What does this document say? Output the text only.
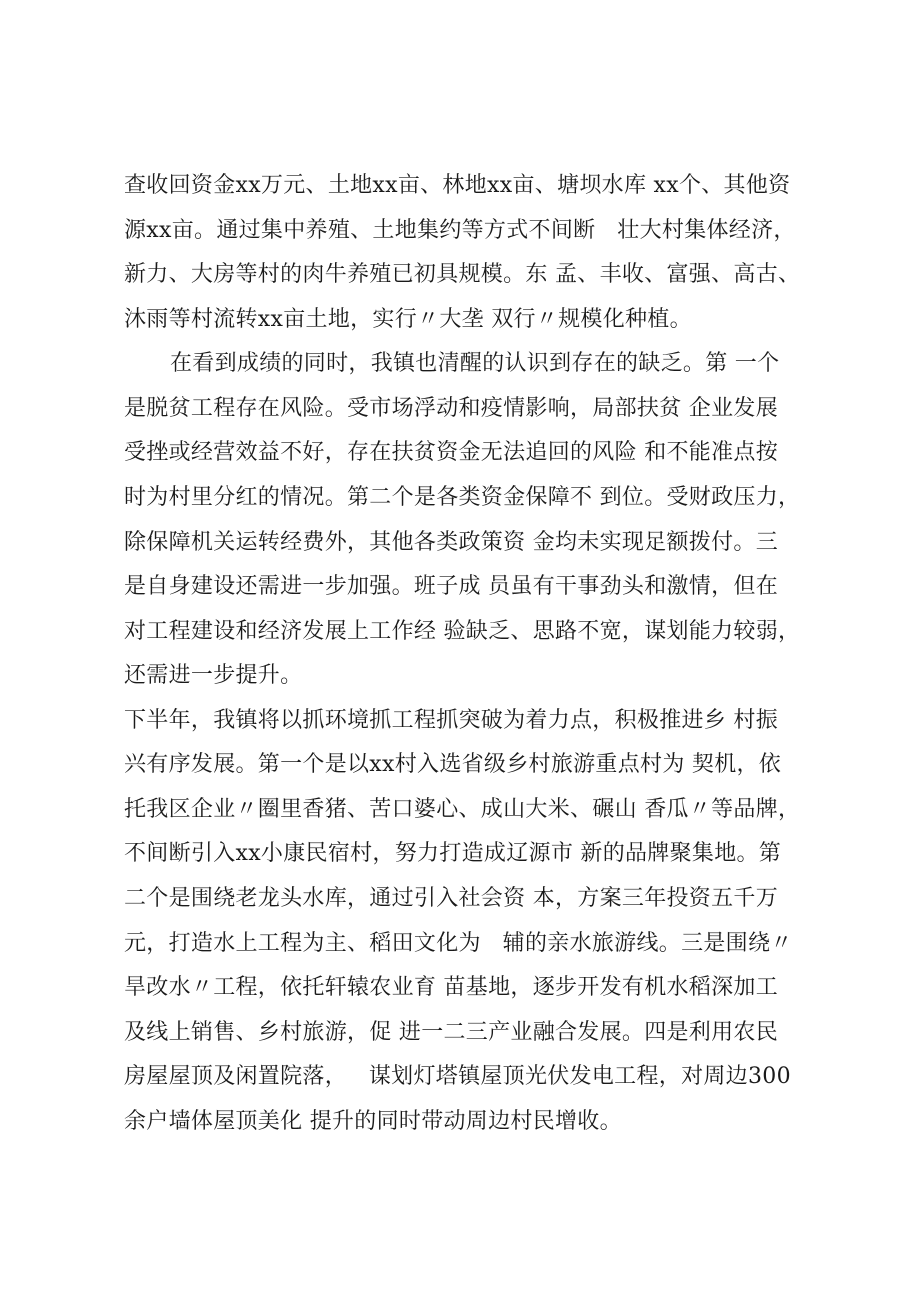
查收回资金xx万元、土地xx亩、林地xx亩、塘坝水库 xx个、其他资
源xx亩。通过集中养殖、土地集约等方式不间断   壮大村集体经济，
新力、大房等村的肉牛养殖已初具规模。东 孟、丰收、富强、高古、
沐雨等村流转xx亩土地，实行〃大垄 双行〃规模化种植。
在看到成绩的同时，我镇也清醒的认识到存在的缺乏。第 一个
是脱贫工程存在风险。受市场浮动和疫情影响，局部扶贫 企业发展
受挫或经营效益不好，存在扶贫资金无法追回的风险 和不能准点按
时为村里分红的情况。第二个是各类资金保障不 到位。受财政压力，
除保障机关运转经费外，其他各类政策资 金均未实现足额拨付。三
是自身建设还需进一步加强。班子成 员虽有干事劲头和激情，但在
对工程建设和经济发展上工作经 验缺乏、思路不宽，谋划能力较弱，
还需进一步提升。
下半年，我镇将以抓环境抓工程抓突破为着力点，积极推进乡 村振
兴有序发展。第一个是以xx村入选省级乡村旅游重点村为 契机，依
托我区企业〃圈里香猪、苦口婆心、成山大米、碾山 香瓜〃等品牌，
不间断引入xx小康民宿村，努力打造成辽源市 新的品牌聚集地。第
二个是围绕老龙头水库，通过引入社会资 本，方案三年投资五千万
元，打造水上工程为主、稻田文化为   辅的亲水旅游线。三是围绕〃
旱改水〃工程，依托轩辕农业育 苗基地，逐步开发有机水稻深加工
及线上销售、乡村旅游，促 进一二三产业融合发展。四是利用农民
房屋屋顶及闲置院落，   谋划灯塔镇屋顶光伏发电工程，对周边300
余户墙体屋顶美化 提升的同时带动周边村民增收。
